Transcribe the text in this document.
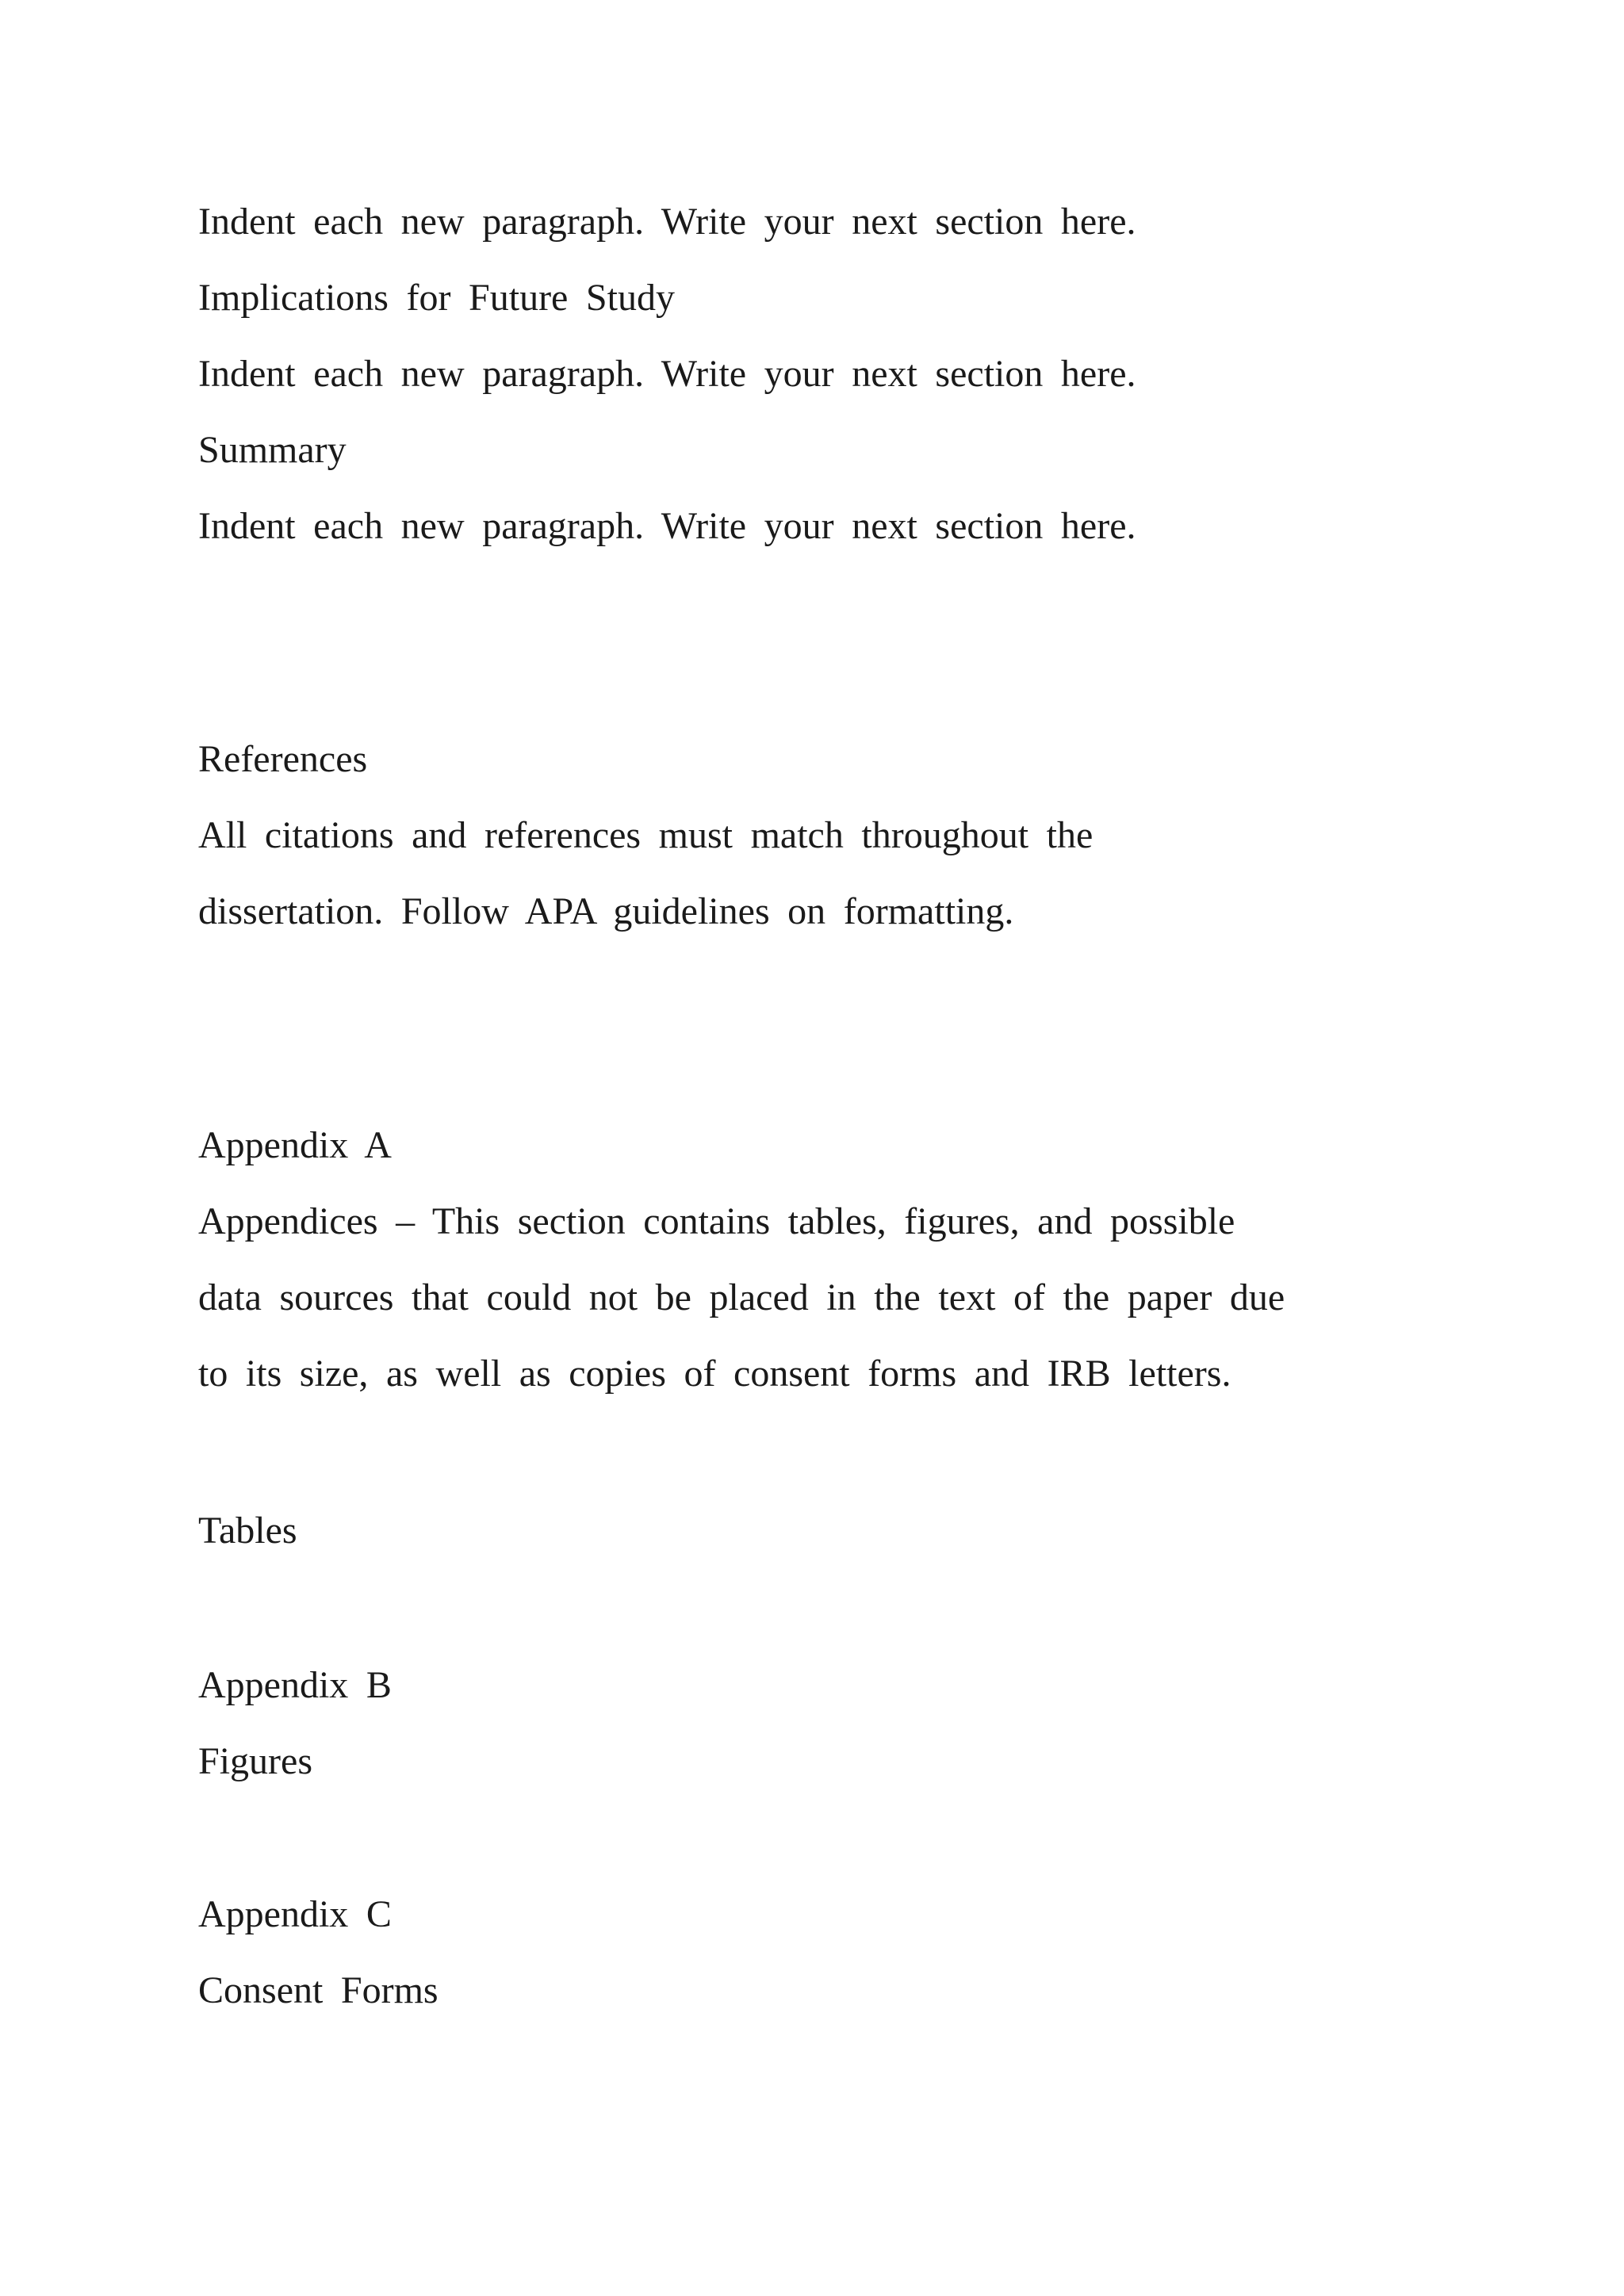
Indent each new paragraph. Write your next section here.

Implications for Future Study

Indent each new paragraph. Write your next section here.

Summary

Indent each new paragraph. Write your next section here.

References

All citations and references must match throughout the

dissertation. Follow APA guidelines on formatting.

Appendix A

Appendices – This section contains tables, figures, and possible

data sources that could not be placed in the text of the paper due

to its size, as well as copies of consent forms and IRB letters.

Tables

Appendix B

Figures

Appendix C

Consent Forms
